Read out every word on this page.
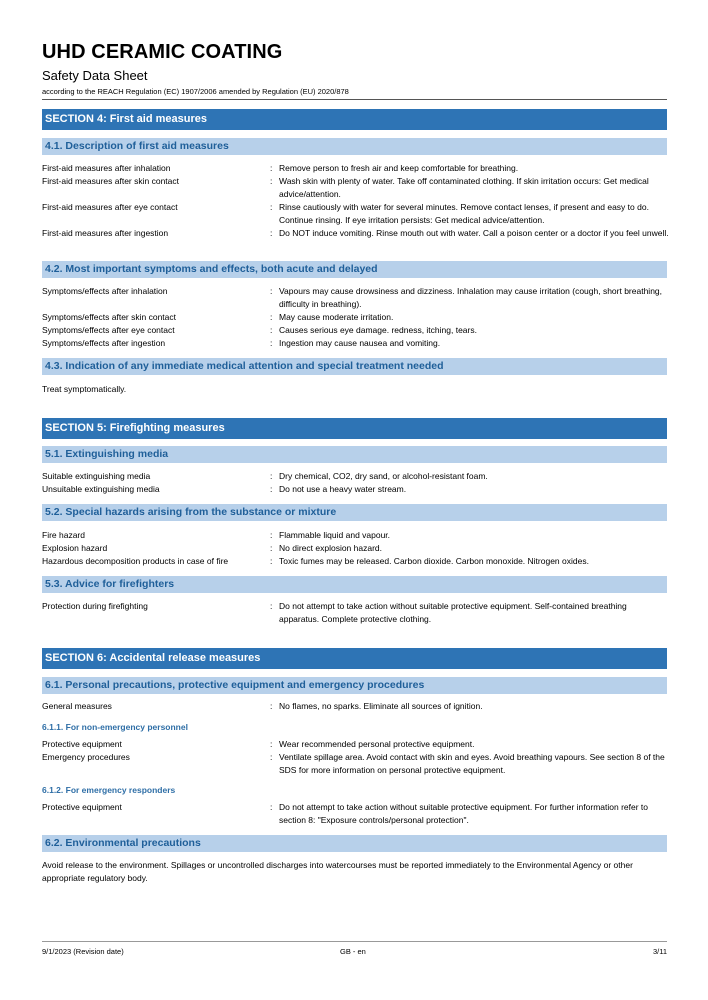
UHD CERAMIC COATING
Safety Data Sheet
according to the REACH Regulation (EC) 1907/2006 amended by Regulation (EU) 2020/878
SECTION 4: First aid measures
4.1. Description of first aid measures
First-aid measures after inhalation	: Remove person to fresh air and keep comfortable for breathing.
First-aid measures after skin contact	: Wash skin with plenty of water. Take off contaminated clothing. If skin irritation occurs: Get medical advice/attention.
First-aid measures after eye contact	: Rinse cautiously with water for several minutes. Remove contact lenses, if present and easy to do. Continue rinsing. If eye irritation persists: Get medical advice/attention.
First-aid measures after ingestion	: Do NOT induce vomiting. Rinse mouth out with water. Call a poison center or a doctor if you feel unwell.
4.2. Most important symptoms and effects, both acute and delayed
Symptoms/effects after inhalation	: Vapours may cause drowsiness and dizziness. Inhalation may cause irritation (cough, short breathing, difficulty in breathing).
Symptoms/effects after skin contact	: May cause moderate irritation.
Symptoms/effects after eye contact	: Causes serious eye damage. redness, itching, tears.
Symptoms/effects after ingestion	: Ingestion may cause nausea and vomiting.
4.3. Indication of any immediate medical attention and special treatment needed
Treat symptomatically.
SECTION 5: Firefighting measures
5.1. Extinguishing media
Suitable extinguishing media	: Dry chemical, CO2, dry sand, or alcohol-resistant foam.
Unsuitable extinguishing media	: Do not use a heavy water stream.
5.2. Special hazards arising from the substance or mixture
Fire hazard	: Flammable liquid and vapour.
Explosion hazard	: No direct explosion hazard.
Hazardous decomposition products in case of fire	: Toxic fumes may be released. Carbon dioxide. Carbon monoxide. Nitrogen oxides.
5.3. Advice for firefighters
Protection during firefighting	: Do not attempt to take action without suitable protective equipment. Self-contained breathing apparatus. Complete protective clothing.
SECTION 6: Accidental release measures
6.1. Personal precautions, protective equipment and emergency procedures
General measures	: No flames, no sparks. Eliminate all sources of ignition.
6.1.1. For non-emergency personnel
Protective equipment	: Wear recommended personal protective equipment.
Emergency procedures	: Ventilate spillage area. Avoid contact with skin and eyes. Avoid breathing vapours. See section 8 of the SDS for more information on personal protective equipment.
6.1.2. For emergency responders
Protective equipment	: Do not attempt to take action without suitable protective equipment. For further information refer to section 8: "Exposure controls/personal protection".
6.2. Environmental precautions
Avoid release to the environment. Spillages or uncontrolled discharges into watercourses must be reported immediately to the Environmental Agency or other appropriate regulatory body.
9/1/2023 (Revision date)	GB - en	3/11
